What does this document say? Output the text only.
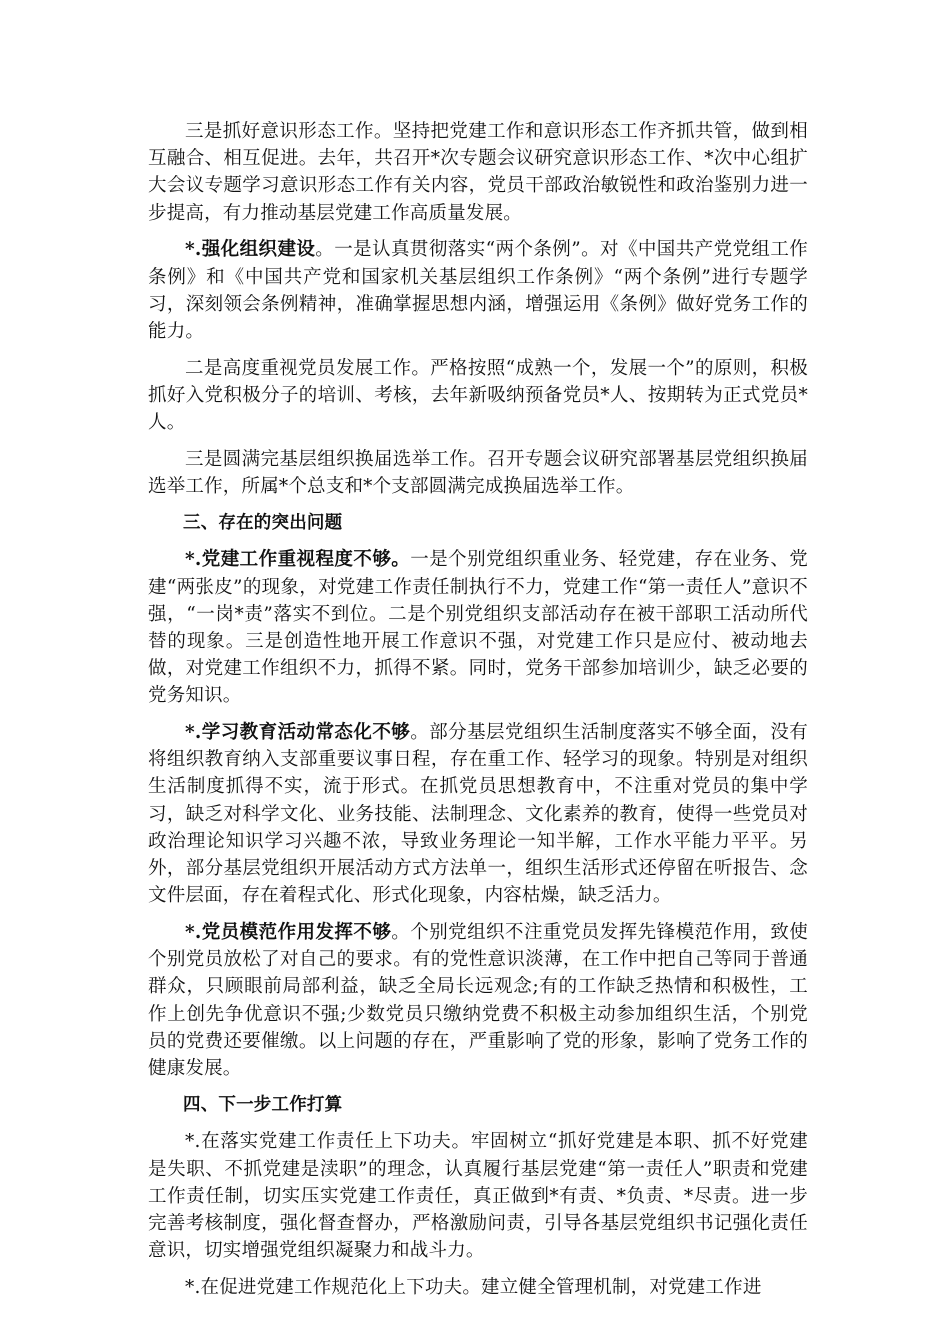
三是抓好意识形态工作。坚持把党建工作和意识形态工作齐抓共管，做到相互融合、相互促进。去年，共召开*次专题会议研究意识形态工作、*次中心组扩大会议专题学习意识形态工作有关内容，党员干部政治敏锐性和政治鉴别力进一步提高，有力推动基层党建工作高质量发展。

*.强化组织建设。一是认真贯彻落实“两个条例”。对《中国共产党党组工作条例》和《中国共产党和国家机关基层组织工作条例》“两个条例”进行专题学习，深刻领会条例精神，准确掌握思想内涵，增强运用《条例》做好党务工作的能力。

二是高度重视党员发展工作。严格按照“成熟一个，发展一个”的原则，积极抓好入党积极分子的培训、考核，去年新吸纳预备党员*人、按期转为正式党员*人。

三是圆满完基层组织换届选举工作。召开专题会议研究部署基层党组织换届选举工作，所属*个总支和*个支部圆满完成换届选举工作。

三、存在的突出问题

*.党建工作重视程度不够。一是个别党组织重业务、轻党建，存在业务、党建“两张皮”的现象，对党建工作责任制执行不力，党建工作“第一责任人”意识不强，“一岗*责”落实不到位。二是个别党组织支部活动存在被干部职工活动所代替的现象。三是创造性地开展工作意识不强，对党建工作只是应付、被动地去做，对党建工作组织不力，抓得不紧。同时，党务干部参加培训少，缺乏必要的党务知识。

*.学习教育活动常态化不够。部分基层党组织生活制度落实不够全面，没有将组织教育纳入支部重要议事日程，存在重工作、轻学习的现象。特别是对组织生活制度抓得不实，流于形式。在抓党员思想教育中，不注重对党员的集中学习，缺乏对科学文化、业务技能、法制理念、文化素养的教育，使得一些党员对政治理论知识学习兴趣不浓，导致业务理论一知半解，工作水平能力平平。另外，部分基层党组织开展活动方式方法单一，组织生活形式还停留在听报告、念文件层面，存在着程式化、形式化现象，内容枯燥，缺乏活力。

*.党员模范作用发挥不够。个别党组织不注重党员发挥先锋模范作用，致使个别党员放松了对自己的要求。有的党性意识淡薄，在工作中把自己等同于普通群众，只顾眼前局部利益，缺乏全局长远观念;有的工作缺乏热情和积极性，工作上创先争优意识不强;少数党员只缴纳党费不积极主动参加组织生活，个别党员的党费还要催缴。以上问题的存在，严重影响了党的形象，影响了党务工作的健康发展。

四、下一步工作打算

*.在落实党建工作责任上下功夫。牢固树立“抓好党建是本职、抓不好党建是失职、不抓党建是渎职”的理念，认真履行基层党建“第一责任人”职责和党建工作责任制，切实压实党建工作责任，真正做到*有责、*负责、*尽责。进一步完善考核制度，强化督查督办，严格激励问责，引导各基层党组织书记强化责任意识，切实增强党组织凝聚力和战斗力。

*.在促进党建工作规范化上下功夫。建立健全管理机制，对党建工作进
